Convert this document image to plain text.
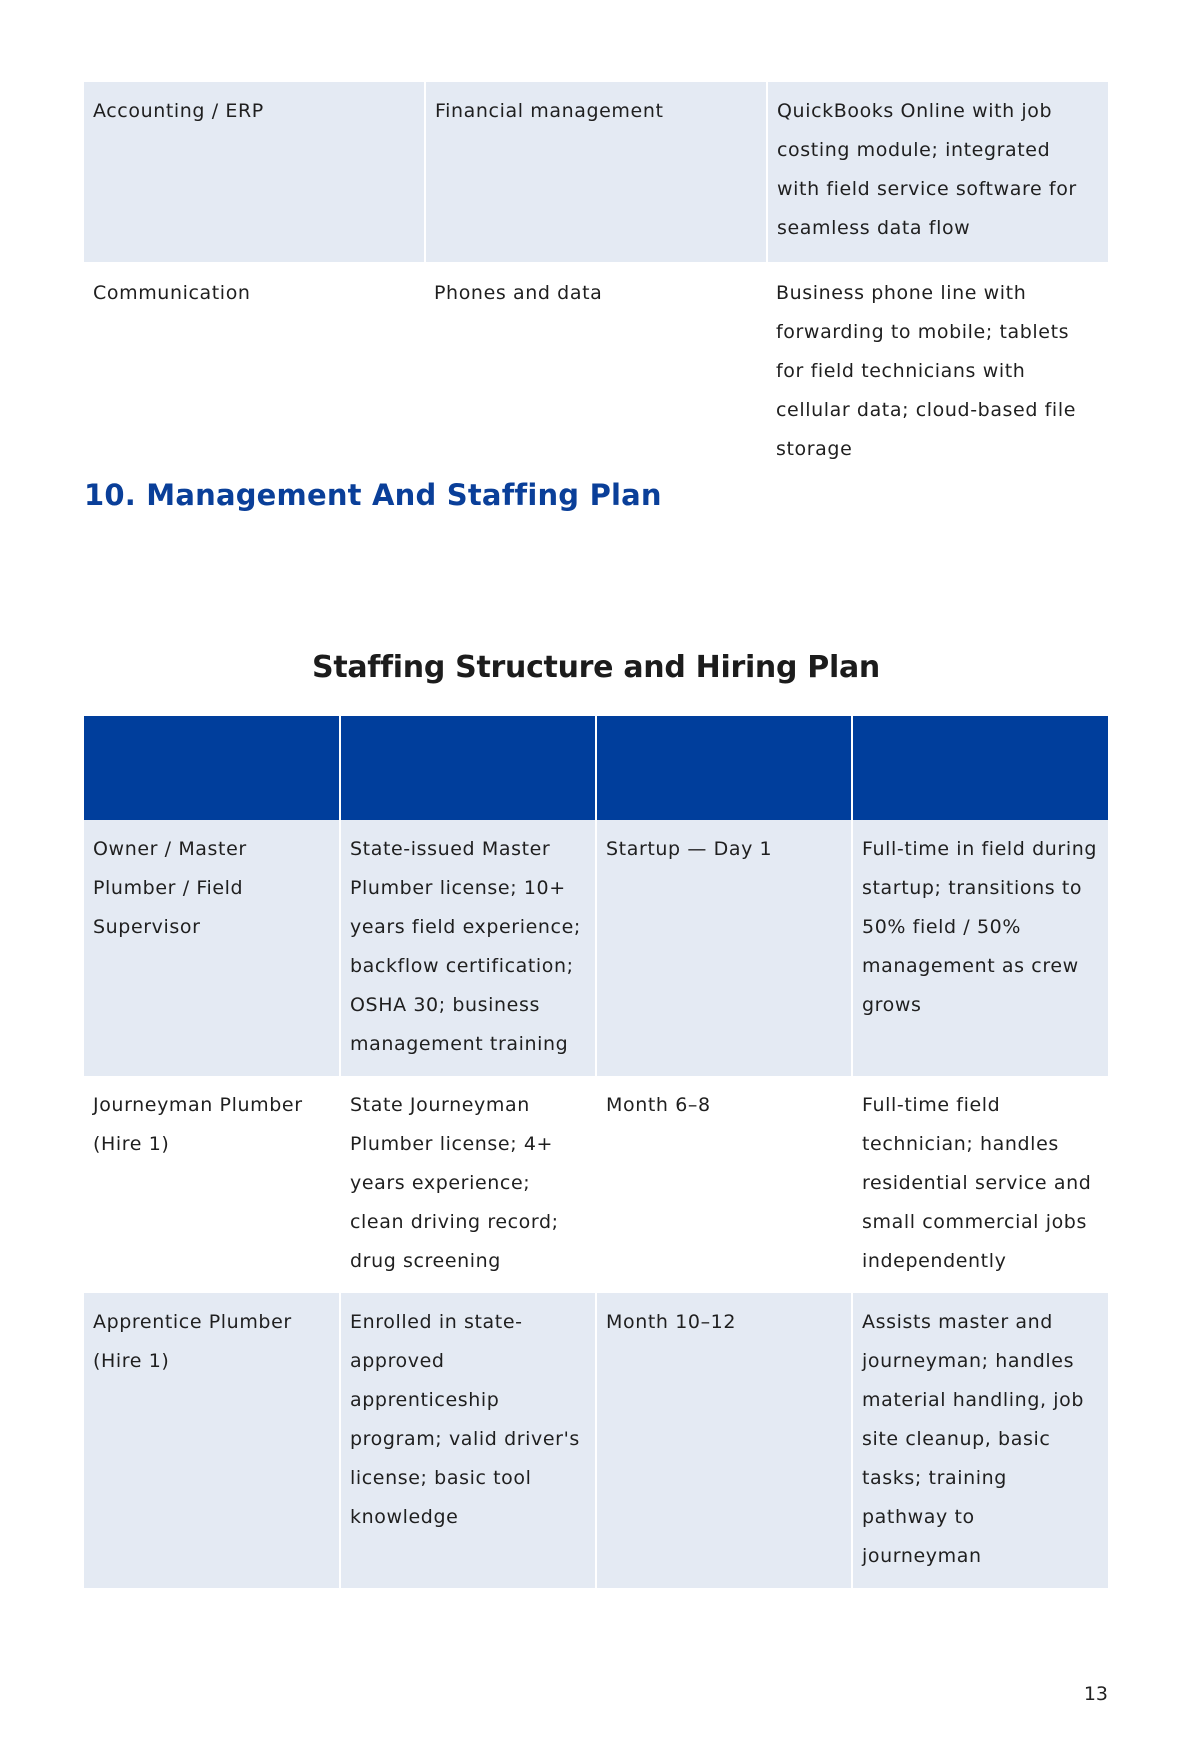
Accounting / ERP	Financial management	QuickBooks Online with job costing module; integrated with field service software for seamless data flow
Communication	Phones and data	Business phone line with forwarding to mobile; tablets for field technicians with cellular data; cloud-based file storage
10. Management And Staffing Plan
Staffing Structure and Hiring Plan

Owner / Master Plumber / Field Supervisor	State-issued Master Plumber license; 10+ years field experience; backflow certification; OSHA 30; business management training	Startup — Day 1	Full-time in field during startup; transitions to 50% field / 50% management as crew grows
Journeyman Plumber (Hire 1)	State Journeyman Plumber license; 4+ years experience; clean driving record; drug screening	Month 6–8	Full-time field technician; handles residential service and small commercial jobs independently
Apprentice Plumber (Hire 1)	Enrolled in state-approved apprenticeship program; valid driver's license; basic tool knowledge	Month 10–12	Assists master and journeyman; handles material handling, job site cleanup, basic tasks; training pathway to journeyman
13
